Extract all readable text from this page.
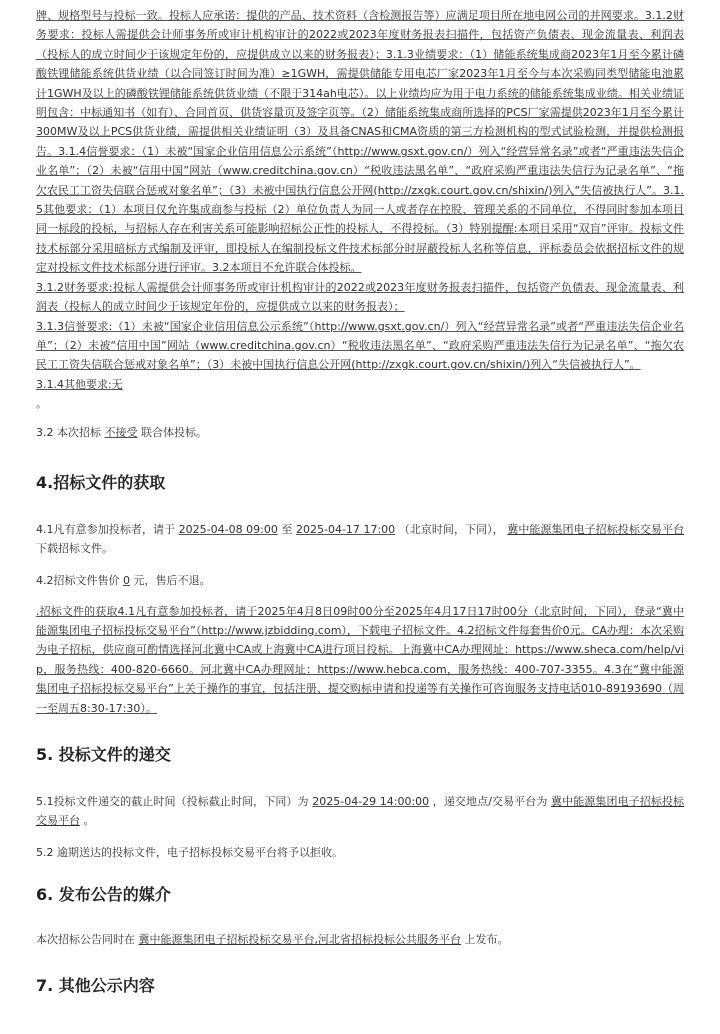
牌、规格型号与投标一致。投标人应承诺：提供的产品、技术资料（含检测报告等）应满足项目所在地电网公司的并网要求。3.1.2财务要求：投标人需提供会计师事务所或审计机构审计的2022或2023年度财务报表扫描件，包括资产负债表、现金流量表、利润表（投标人的成立时间少于该规定年份的，应提供成立以来的财务报表）；3.1.3业绩要求：（1）储能系统集成商2023年1月至今累计磷酸铁锂储能系统供货业绩（以合同签订时间为准）≥1GWH，需提供储能专用电芯厂家2023年1月至今与本次采购同类型储能电池累计1GWH及以上的磷酸铁锂储能系统供货业绩（不限于314ah电芯）。以上业绩均应为用于电力系统的储能系统集成业绩。相关业绩证明包含：中标通知书（如有）、合同首页、供货容量页及签字页等。（2）储能系统集成商所选择的PCS厂家需提供2023年1月至今累计300MW及以上PCS供货业绩，需提供相关业绩证明（3）及具备CNAS和CMA资质的第三方检测机构的型式试验检测，并提供检测报告。3.1.4信誉要求：（1）未被“国家企业信用信息公示系统”（http://www.gsxt.gov.cn/）列入“经营异常名录”或者“严重违法失信企业名单”；（2）未被“信用中国”网站（www.creditchina.gov.cn）“税收违法黑名单”、“政府采购严重违法失信行为记录名单”、“拖欠农民工工资失信联合惩戒对象名单”；（3）未被中国执行信息公开网(http://zxgk.court.gov.cn/shixin/)列入“失信被执行人”。3.1.5其他要求：（1）本项目仅允许集成商参与投标（2）单位负责人为同一人或者存在控股、管理关系的不同单位，不得同时参加本项目同一标段的投标，与招标人存在利害关系可能影响招标公正性的投标人，不得投标。（3）特别提醒:本项目采用“双盲”评审。投标文件技术标部分采用暗标方式编制及评审，即投标人在编制投标文件技术标部分时屏蔽投标人名称等信息，评标委员会依据招标文件的规定对投标文件技术标部分进行评审。3.2本项目不允许联合体投标。

3.1.2财务要求:投标人需提供会计师事务所或审计机构审计的2022或2023年度财务报表扫描件，包括资产负债表、现金流量表、利润表（投标人的成立时间少于该规定年份的，应提供成立以来的财务报表）；

3.1.3信誉要求:（1）未被“国家企业信用信息公示系统”（http://www.gsxt.gov.cn/）列入“经营异常名录”或者“严重违法失信企业名单”；（2）未被“信用中国”网站（www.creditchina.gov.cn）“税收违法黑名单”、“政府采购严重违法失信行为记录名单”、“拖欠农民工工资失信联合惩戒对象名单”；（3）未被中国执行信息公开网(http://zxgk.court.gov.cn/shixin/)列入“失信被执行人”。

3.1.4其他要求:无

。

3.2 本次招标 不接受 联合体投标。

4.招标文件的获取

4.1凡有意参加投标者，请于 2025-04-08 09:00 至 2025-04-17 17:00 （北京时间，下同）， 冀中能源集团电子招标投标交易平台 下载招标文件。

4.2招标文件售价 0 元，售后不退。

.招标文件的获取4.1凡有意参加投标者，请于2025年4月8日09时00分至2025年4月17日17时00分（北京时间，下同），登录“冀中能源集团电子招标投标交易平台”（http://www.jzbidding.com），下载电子招标文件。4.2招标文件每套售价0元。CA办理：本次采购为电子招标，供应商可酌情选择河北冀中CA或上海冀中CA进行项目投标。上海冀中CA办理网址：https://www.sheca.com/help/vip，服务热线：400-820-6660。河北冀中CA办理网址：https://www.hebca.com，服务热线：400-707-3355。4.3在“冀中能源集团电子招标投标交易平台”上关于操作的事宜，包括注册、提交购标申请和投递等有关操作可咨询服务支持电话010-89193690（周一至周五8:30-17:30）。

5. 投标文件的递交

5.1投标文件递交的截止时间（投标截止时间，下同）为 2025-04-29 14:00:00 ，递交地点/交易平台为 冀中能源集团电子招标投标交易平台 。

5.2 逾期送达的投标文件，电子招标投标交易平台将予以拒收。

6. 发布公告的媒介

本次招标公告同时在 冀中能源集团电子招标投标交易平台,河北省招标投标公共服务平台 上发布。

7. 其他公示内容
